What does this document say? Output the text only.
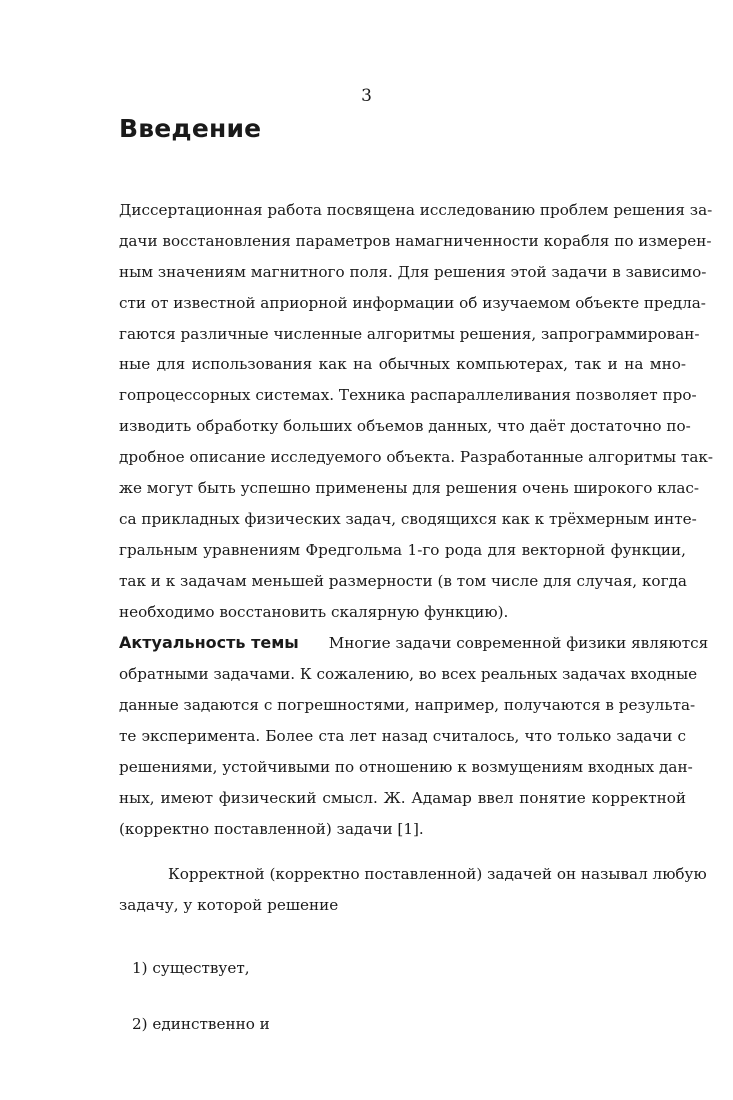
3
Введение
Диссертационная работа посвящена исследованию проблем решения за-
дачи восстановления параметров намагниченности корабля по измерен-
ным значениям магнитного поля. Для решения этой задачи в зависимо-
сти от известной априорной информации об изучаемом объекте предла-
гаются различные численные алгоритмы решения, запрограммирован-
ные для использования как на обычных компьютерах, так и на мно-
гопроцессорных системах. Техника распараллеливания позволяет про-
изводить обработку больших объемов данных, что даёт достаточно по-
дробное описание исследуемого объекта. Разработанные алгоритмы так-
же могут быть успешно применены для решения очень широкого клас-
са прикладных физических задач, сводящихся как к трёхмерным инте-
гральным уравнениям Фредгольма 1-го рода для векторной функции,
так и к задачам меньшей размерности (в том числе для случая, когда
необходимо восстановить скалярную функцию).
Актуальность темы Многие задачи современной физики являются
обратными задачами. К сожалению, во всех реальных задачах входные
данные задаются с погрешностями, например, получаются в результа-
те эксперимента. Более ста лет назад считалось, что только задачи с
решениями, устойчивыми по отношению к возмущениям входных дан-
ных, имеют физический смысл. Ж. Адамар ввел понятие корректной
(корректно поставленной) задачи [1].
Корректной (корректно поставленной) задачей он называл любую
задачу, у которой решение
1) существует,
2) единственно и
